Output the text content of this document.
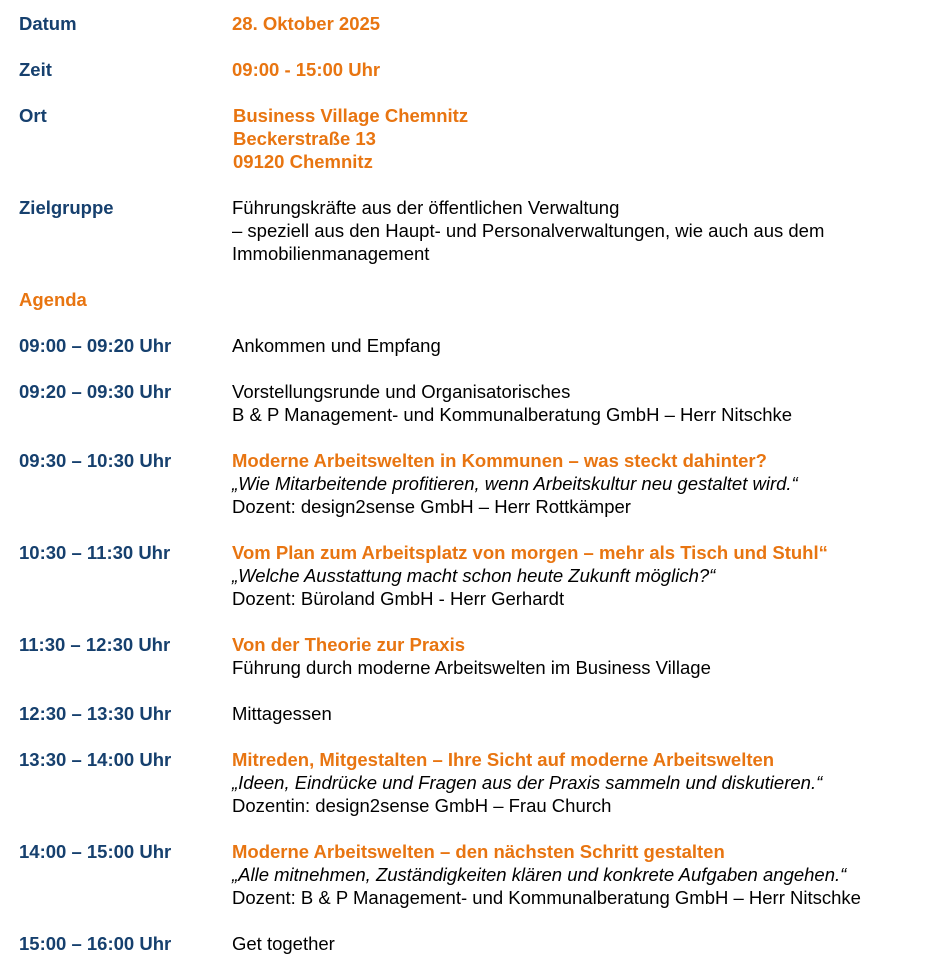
Datum	28. Oktober 2025
Zeit	09:00 - 15:00 Uhr
Ort	Business Village Chemnitz
Beckerstraße 13
09120 Chemnitz
Zielgruppe	Führungskräfte aus der öffentlichen Verwaltung
– speziell aus den Haupt- und Personalverwaltungen, wie auch aus dem
Immobilienmanagement
Agenda
09:00 – 09:20 Uhr	Ankommen und Empfang
09:20 – 09:30 Uhr	Vorstellungsrunde und Organisatorisches
B & P Management- und Kommunalberatung GmbH – Herr Nitschke
09:30 – 10:30 Uhr	Moderne Arbeitswelten in Kommunen – was steckt dahinter?
„Wie Mitarbeitende profitieren, wenn Arbeitskultur neu gestaltet wird.“
Dozent: design2sense GmbH – Herr Rottkämper
10:30 – 11:30 Uhr	Vom Plan zum Arbeitsplatz von morgen – mehr als Tisch und Stuhl“
„Welche Ausstattung macht schon heute Zukunft möglich?“
Dozent: Büroland GmbH - Herr Gerhardt
11:30 – 12:30 Uhr	Von der Theorie zur Praxis
Führung durch moderne Arbeitswelten im Business Village
12:30 – 13:30 Uhr	Mittagessen
13:30 – 14:00 Uhr	Mitreden, Mitgestalten – Ihre Sicht auf moderne Arbeitswelten
„Ideen, Eindrücke und Fragen aus der Praxis sammeln und diskutieren.“
Dozentin: design2sense GmbH – Frau Church
14:00 – 15:00 Uhr	Moderne Arbeitswelten – den nächsten Schritt gestalten
„Alle mitnehmen, Zuständigkeiten klären und konkrete Aufgaben angehen.“
Dozent: B & P Management- und Kommunalberatung GmbH – Herr Nitschke
15:00 – 16:00 Uhr	Get together
